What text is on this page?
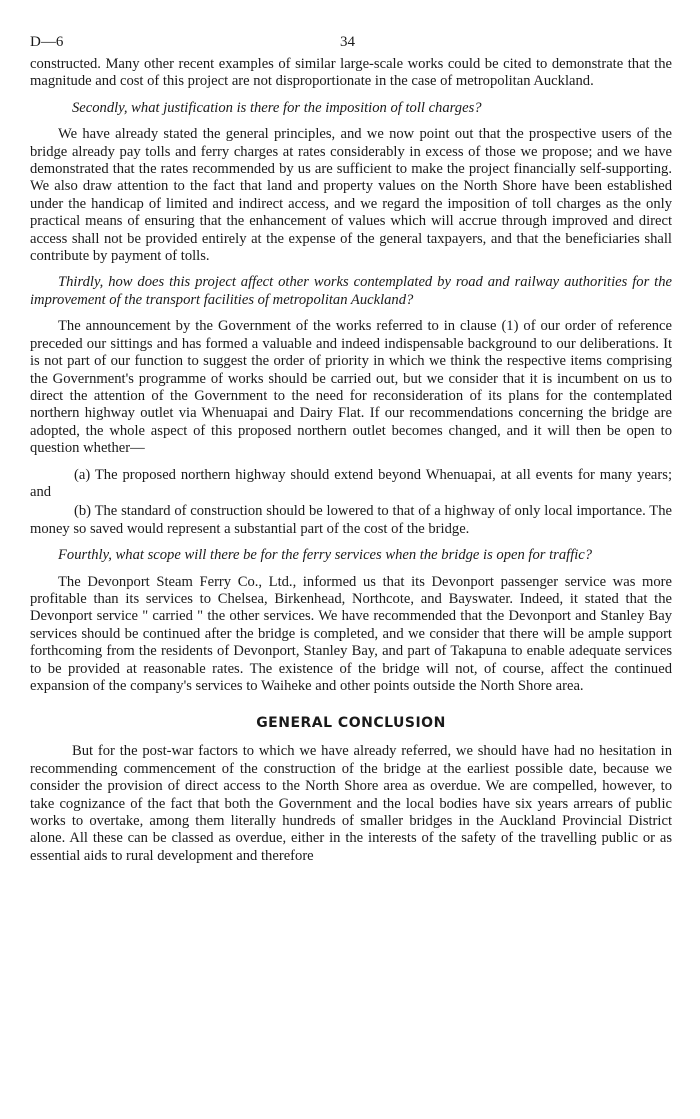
D—6	34

constructed. Many other recent examples of similar large-scale works could be cited to demonstrate that the magnitude and cost of this project are not disproportionate in the case of metropolitan Auckland.

Secondly, what justification is there for the imposition of toll charges?

We have already stated the general principles, and we now point out that the prospective users of the bridge already pay tolls and ferry charges at rates considerably in excess of those we propose; and we have demonstrated that the rates recommended by us are sufficient to make the project financially self-supporting. We also draw attention to the fact that land and property values on the North Shore have been established under the handicap of limited and indirect access, and we regard the imposition of toll charges as the only practical means of ensuring that the enhancement of values which will accrue through improved and direct access shall not be provided entirely at the expense of the general taxpayers, and that the beneficiaries shall contribute by payment of tolls.

Thirdly, how does this project affect other works contemplated by road and railway authorities for the improvement of the transport facilities of metropolitan Auckland?

The announcement by the Government of the works referred to in clause (1) of our order of reference preceded our sittings and has formed a valuable and indeed indispensable background to our deliberations. It is not part of our function to suggest the order of priority in which we think the respective items comprising the Government's programme of works should be carried out, but we consider that it is incumbent on us to direct the attention of the Government to the need for reconsideration of its plans for the contemplated northern highway outlet via Whenuapai and Dairy Flat. If our recommendations concerning the bridge are adopted, the whole aspect of this proposed northern outlet becomes changed, and it will then be open to question whether—

(a) The proposed northern highway should extend beyond Whenuapai, at all events for many years; and

(b) The standard of construction should be lowered to that of a highway of only local importance. The money so saved would represent a substantial part of the cost of the bridge.

Fourthly, what scope will there be for the ferry services when the bridge is open for traffic?

The Devonport Steam Ferry Co., Ltd., informed us that its Devonport passenger service was more profitable than its services to Chelsea, Birkenhead, Northcote, and Bayswater. Indeed, it stated that the Devonport service " carried " the other services. We have recommended that the Devonport and Stanley Bay services should be continued after the bridge is completed, and we consider that there will be ample support forthcoming from the residents of Devonport, Stanley Bay, and part of Takapuna to enable adequate services to be provided at reasonable rates. The existence of the bridge will not, of course, affect the continued expansion of the company's services to Waiheke and other points outside the North Shore area.

GENERAL CONCLUSION

But for the post-war factors to which we have already referred, we should have had no hesitation in recommending commencement of the construction of the bridge at the earliest possible date, because we consider the provision of direct access to the North Shore area as overdue. We are compelled, however, to take cognizance of the fact that both the Government and the local bodies have six years arrears of public works to overtake, among them literally hundreds of smaller bridges in the Auckland Provincial District alone. All these can be classed as overdue, either in the interests of the safety of the travelling public or as essential aids to rural development and therefore
